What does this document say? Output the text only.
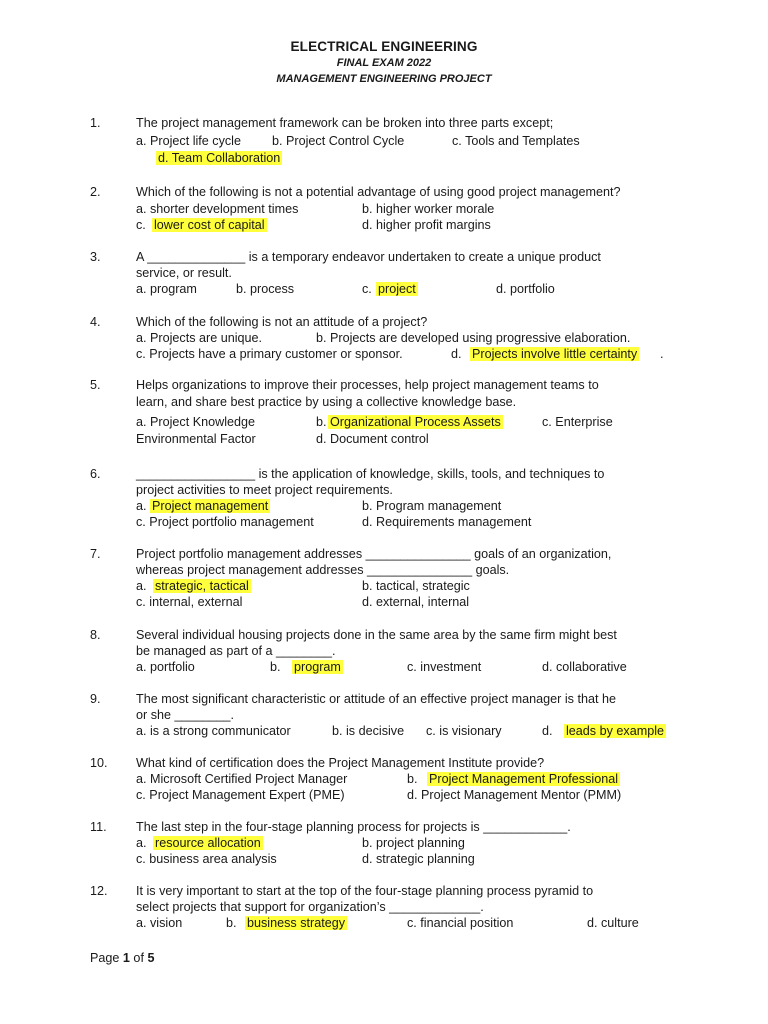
ELECTRICAL ENGINEERING
FINAL EXAM 2022
MANAGEMENT ENGINEERING PROJECT
1.	The project management framework can be broken into three parts except;
a. Project life cycle b. Project Control Cycle	c. Tools and Templates
d. Team Collaboration
2.	Which of the following is not a potential advantage of using good project management?
a. shorter development times	b. higher worker morale
c. lower cost of capital	d. higher profit margins
3.	A ______________ is a temporary endeavor undertaken to create a unique product
service, or result.
a. program	b. process	c. project	d. portfolio
4.	Which of the following is not an attitude of a project?
a. Projects are unique.	b. Projects are developed using progressive elaboration.
c. Projects have a primary customer or sponsor.	d. Projects involve little certainty .
5.	Helps organizations to improve their processes, help project management teams to
learn, and share best practice by using a collective knowledge base.
a. Project Knowledge	b. Organizational Process Assets	c. Enterprise
Environmental Factor	d. Document control
6.	_________________ is the application of knowledge, skills, tools, and techniques to
project activities to meet project requirements.
a. Project management	b. Program management
c. Project portfolio management	d. Requirements management
7.	Project portfolio management addresses _______________ goals of an organization,
whereas project management addresses _______________ goals.
a. strategic, tactical	b. tactical, strategic
c. internal, external	d. external, internal
8.	Several individual housing projects done in the same area by the same firm might best
be managed as part of a ________.
a. portfolio	b. program	c. investment	d. collaborative
9.	The most significant characteristic or attitude of an effective project manager is that he
or she ________.
a. is a strong communicator	b. is decisive c. is visionary	d. leads by example
10. What kind of certification does the Project Management Institute provide?
a. Microsoft Certified Project Manager	b. Project Management Professional
c. Project Management Expert (PME)	d. Project Management Mentor (PMM)
11. The last step in the four-stage planning process for projects is ____________.
a. resource allocation	b. project planning
c. business area analysis	d. strategic planning
12. It is very important to start at the top of the four-stage planning process pyramid to
select projects that support for organization’s _____________.
a. vision	b. business strategy	c. financial position	d. culture
Page 1 of 5
